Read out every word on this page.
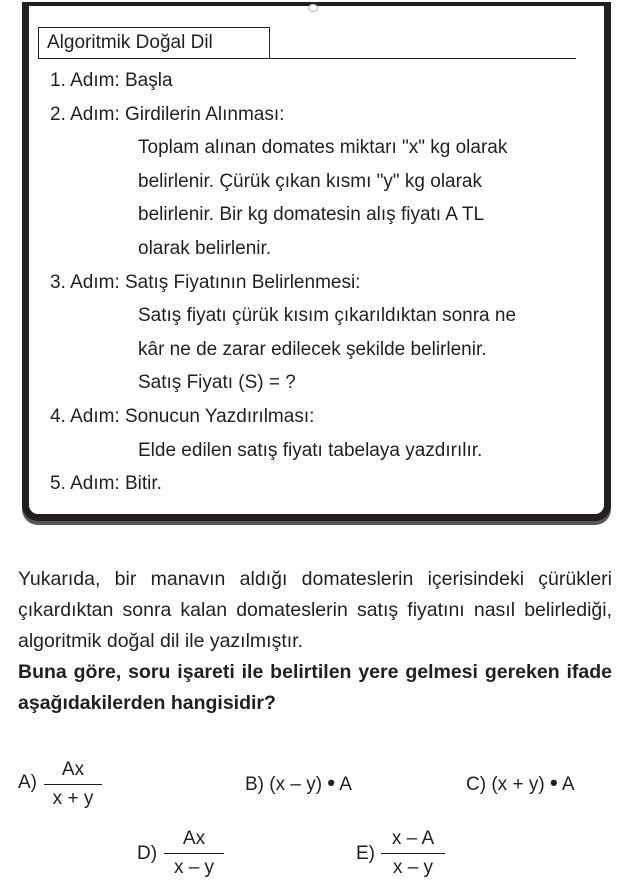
Algoritmik Doğal Dil
1. Adım: Başla
2. Adım: Girdilerin Alınması:
Toplam alınan domates miktarı "x" kg olarak
belirlenir. Çürük çıkan kısmı "y" kg olarak
belirlenir. Bir kg domatesin alış fiyatı A TL
olarak belirlenir.
3. Adım: Satış Fiyatının Belirlenmesi:
Satış fiyatı çürük kısım çıkarıldıktan sonra ne
kâr ne de zarar edilecek şekilde belirlenir.
Satış Fiyatı (S) = ?
4. Adım: Sonucun Yazdırılması:
Elde edilen satış fiyatı tabelaya yazdırılır.
5. Adım: Bitir.

Yukarıda, bir manavın aldığı domateslerin içerisindeki çürükleri çıkardıktan sonra kalan domateslerin satış fiyatını nasıl belirlediği, algoritmik doğal dil ile yazılmıştır.

Buna göre, soru işareti ile belirtilen yere gelmesi gereken ifade aşağıdakilerden hangisidir?

A)
Ax
x + y
B) (x – y) • A	C) (x + y) • A
D)
Ax
x – y
E)
x – A
x – y
